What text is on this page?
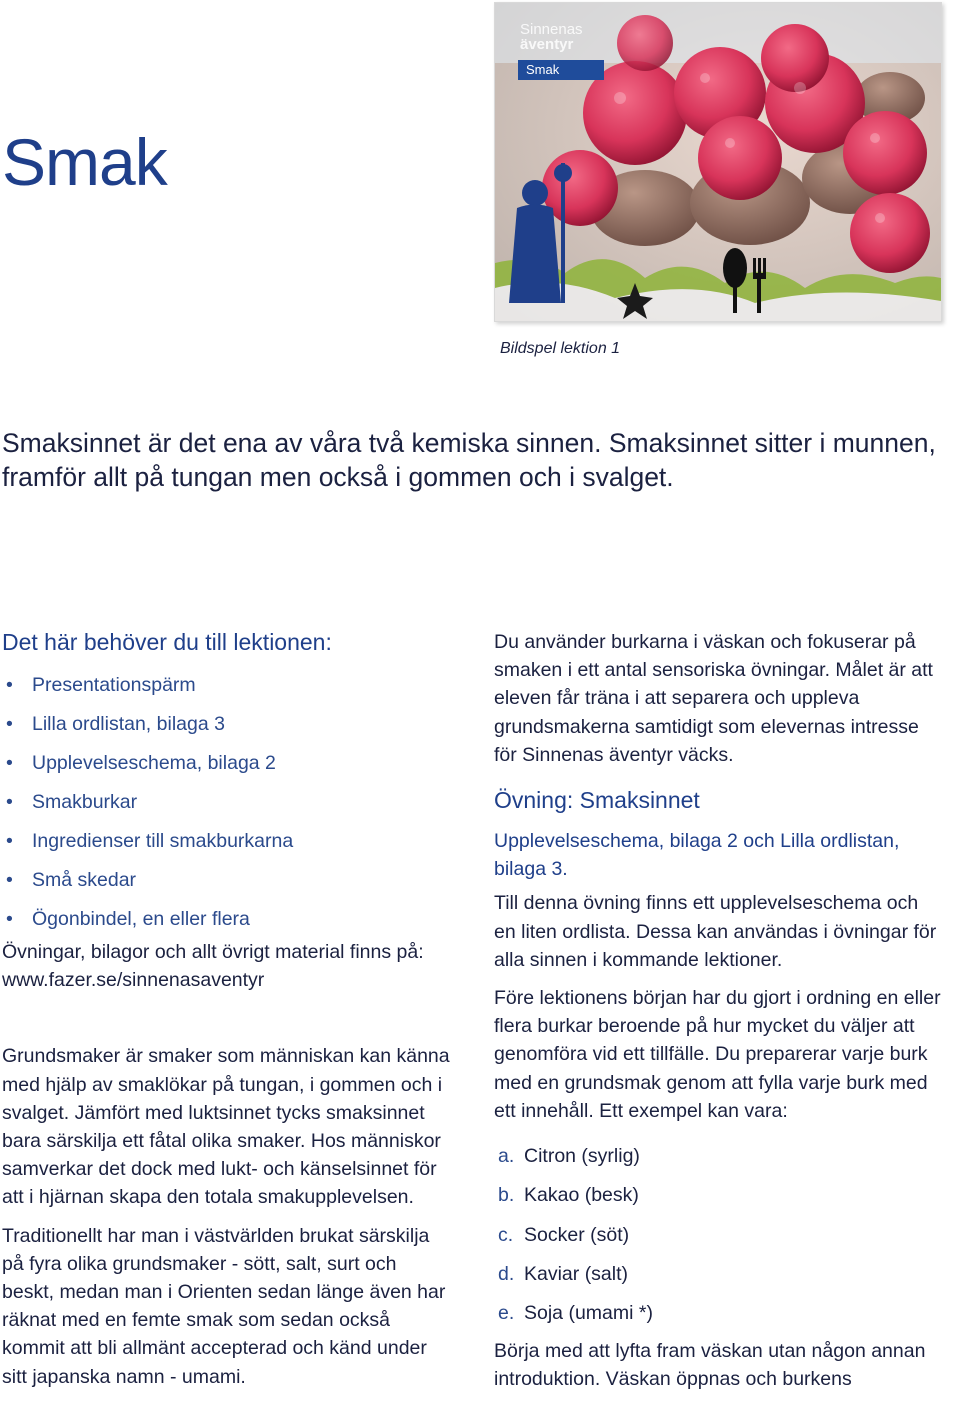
Smak
Sinnenas
äventyr
Smak
Bildspel lektion 1

Smaksinnet är det ena av våra två kemiska sinnen. Smaksinnet sitter i munnen, framför allt på tungan men också i gommen och i svalget.

Det här behöver du till lektionen:
• Presentationspärm
• Lilla ordlistan, bilaga 3
• Upplevelseschema, bilaga 2
• Smakburkar
• Ingredienser till smakburkarna
• Små skedar
• Ögonbindel, en eller flera

Övningar, bilagor och allt övrigt material finns på: www.fazer.se/sinnenasaventyr

Grundsmaker är smaker som människan kan känna med hjälp av smaklökar på tungan, i gommen och i svalget. Jämfört med luktsinnet tycks smaksinnet bara särskilja ett fåtal olika smaker. Hos människor samverkar det dock med lukt- och känselsinnet för att i hjärnan skapa den totala smakupplevelsen.

Traditionellt har man i västvärlden brukat särskilja på fyra olika grundsmaker - sött, salt, surt och beskt, medan man i Orienten sedan länge även har räknat med en femte smak som sedan också kommit att bli allmänt accepterad och känd under sitt japanska namn - umami.

Du använder burkarna i väskan och fokuserar på smaken i ett antal sensoriska övningar. Målet är att eleven får träna i att separera och uppleva grundsmakerna samtidigt som elevernas intresse för Sinnenas äventyr väcks.

Övning: Smaksinnet

Upplevelseschema, bilaga 2 och Lilla ordlistan, bilaga 3.

Till denna övning finns ett upplevelseschema och en liten ordlista. Dessa kan användas i övningar för alla sinnen i kommande lektioner.

Före lektionens början har du gjort i ordning en eller flera burkar beroende på hur mycket du väljer att genomföra vid ett tillfälle. Du preparerar varje burk med en grundsmak genom att fylla varje burk med ett innehåll. Ett exempel kan vara:

a. Citron (syrlig)
b. Kakao (besk)
c. Socker (söt)
d. Kaviar (salt)
e. Soja (umami *)

Börja med att lyfta fram väskan utan någon annan introduktion. Väskan öppnas och burkens
